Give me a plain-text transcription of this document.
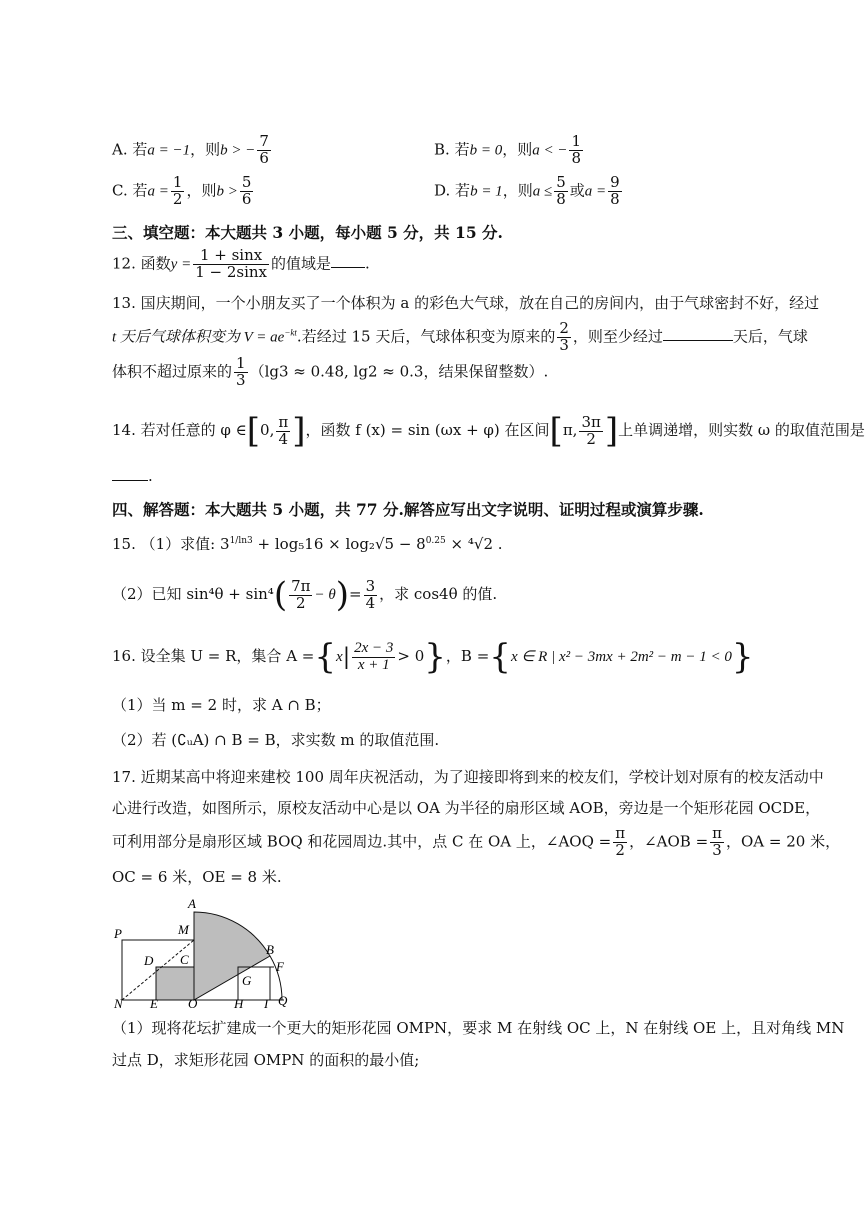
A. 若a = −1，则b > − $\frac{7}{6}$	B. 若b = 0，则a < − $\frac{1}{8}$
C. 若$a = \frac{1}{2}$ ，则$b > \frac{5}{6}$	D. 若b = 1，则$a \le \frac{5}{8}$ 或$a = \frac{9}{8}$
三、填空题：本大题共 3 小题，每小题 5 分，共 15 分.
12. 函数$y = \frac{1 + \sin x}{1 - 2\sin x}$ 的值域是 .
13. 国庆期间，一个小朋友买了一个体积为 a 的彩色大气球，放在自己的房间内，由于气球密封不好，经过
t 天后气球体积变为 $V = ae^{-kt}$.若经过 15 天后，气球体积变为原来的 $\frac{2}{3}$ ，则至少经过	天后，气球
体积不超过原来的 $\frac{1}{3} (\lg 3 \approx 0.48$, lg2 ≈ 0.3，结果保留整数）.
14. 若对任意的 φ ∈[0, $\frac{\pi}{4}$ ]，函数 f (x) = sin (ωx + φ) 在区间[π, $\frac{3\pi}{2}$ ]上单调递增，则实数 ω 的取值范围是
.
四、解答题：本大题共 5 小题，共 77 分.解答应写出文字说明、证明过程或演算步骤.
15. （1）求值: $3^{1/ln3} + \log_516 \times \log_2√5 - 8^{0.25} \times ^4√2$ .
（2）已知 $\sin^4\theta + \sin^4( \frac{7\pi}{2} - \theta)= \frac{3}{4}$ ，求 cos4θ 的值.
16. 设全集 U = R，集合 $A =\{x| \frac{2x - 3}{x + 1} > 0\}$，B ={x ∈ R | x² − 3mx + 2m² − m − 1 < 0}
（1）当 m = 2 时，求 A ∩ B；
（2）若 (∁ᵤA) ∩ B = B，求实数 m 的取值范围.
17. 近期某高中将迎来建校 100 周年庆祝活动，为了迎接即将到来的校友们，学校计划对原有的校友活动中
心进行改造，如图所示，原校友活动中心是以 OA 为半径的扇形区域 AOB，旁边是一个矩形花园 OCDE，
可利用部分是扇形区域 BOQ 和花园周边.其中，点 C 在 OA 上，∠AOQ = $\frac{\pi}{2}$ ，∠AOB = $\frac{\pi}{3}$ ，OA = 20 米，
OC = 6 米，OE = 8 米.
A
M
P
C
D
B
F
G
N E O	H I Q
（1）现将花坛扩建成一个更大的矩形花园 OMPN，要求 M 在射线 OC 上，N 在射线 OE 上，且对角线 MN
过点 D，求矩形花园 OMPN 的面积的最小值;
